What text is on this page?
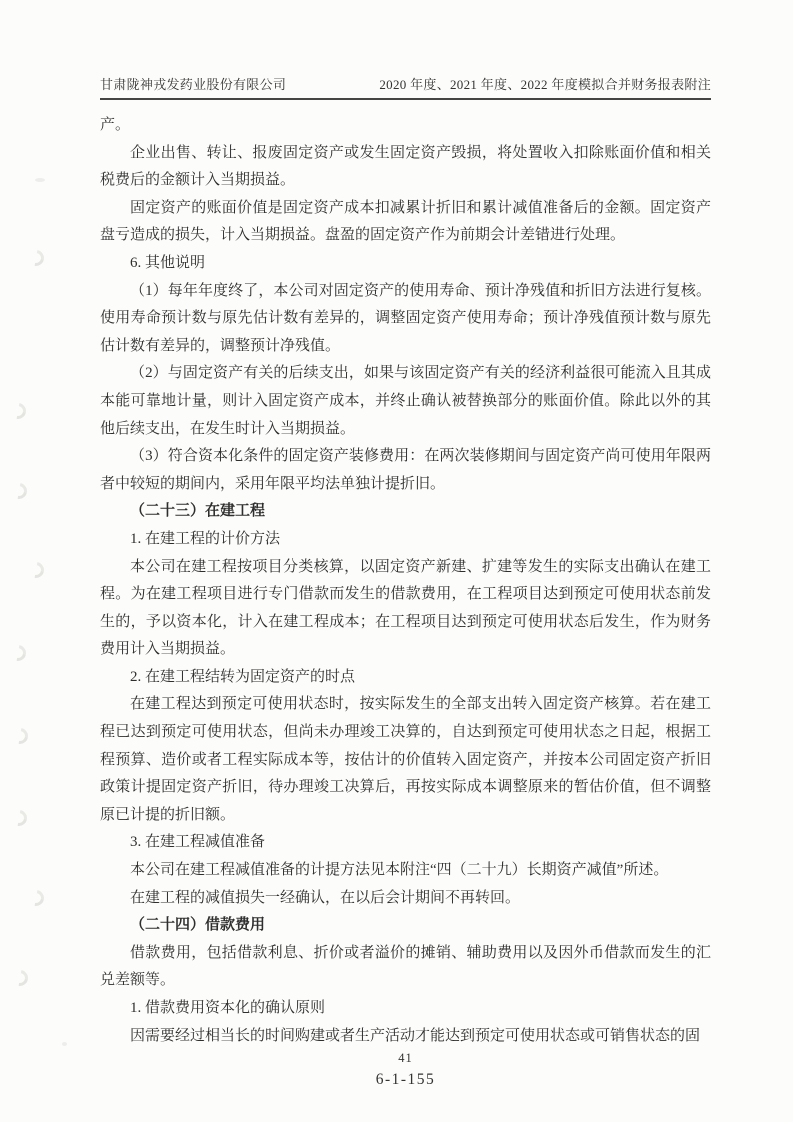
甘肃陇神戎发药业股份有限公司	2020 年度、2021 年度、2022 年度模拟合并财务报表附注

产。

企业出售、转让、报废固定资产或发生固定资产毁损，将处置收入扣除账面价值和相关税费后的金额计入当期损益。

固定资产的账面价值是固定资产成本扣减累计折旧和累计减值准备后的金额。固定资产盘亏造成的损失，计入当期损益。盘盈的固定资产作为前期会计差错进行处理。

6. 其他说明

（1）每年年度终了，本公司对固定资产的使用寿命、预计净残值和折旧方法进行复核。使用寿命预计数与原先估计数有差异的，调整固定资产使用寿命；预计净残值预计数与原先估计数有差异的，调整预计净残值。

（2）与固定资产有关的后续支出，如果与该固定资产有关的经济利益很可能流入且其成本能可靠地计量，则计入固定资产成本，并终止确认被替换部分的账面价值。除此以外的其他后续支出，在发生时计入当期损益。

（3）符合资本化条件的固定资产装修费用：在两次装修期间与固定资产尚可使用年限两者中较短的期间内，采用年限平均法单独计提折旧。

（二十三）在建工程

1. 在建工程的计价方法

本公司在建工程按项目分类核算，以固定资产新建、扩建等发生的实际支出确认在建工程。为在建工程项目进行专门借款而发生的借款费用，在工程项目达到预定可使用状态前发生的，予以资本化，计入在建工程成本；在工程项目达到预定可使用状态后发生，作为财务费用计入当期损益。

2. 在建工程结转为固定资产的时点

在建工程达到预定可使用状态时，按实际发生的全部支出转入固定资产核算。若在建工程已达到预定可使用状态，但尚未办理竣工决算的，自达到预定可使用状态之日起，根据工程预算、造价或者工程实际成本等，按估计的价值转入固定资产，并按本公司固定资产折旧政策计提固定资产折旧，待办理竣工决算后，再按实际成本调整原来的暂估价值，但不调整原已计提的折旧额。

3. 在建工程减值准备

本公司在建工程减值准备的计提方法见本附注“四（二十九）长期资产减值”所述。

在建工程的减值损失一经确认，在以后会计期间不再转回。

（二十四）借款费用

借款费用，包括借款利息、折价或者溢价的摊销、辅助费用以及因外币借款而发生的汇兑差额等。

1. 借款费用资本化的确认原则

因需要经过相当长的时间购建或者生产活动才能达到预定可使用状态或可销售状态的固

41
6-1-155
